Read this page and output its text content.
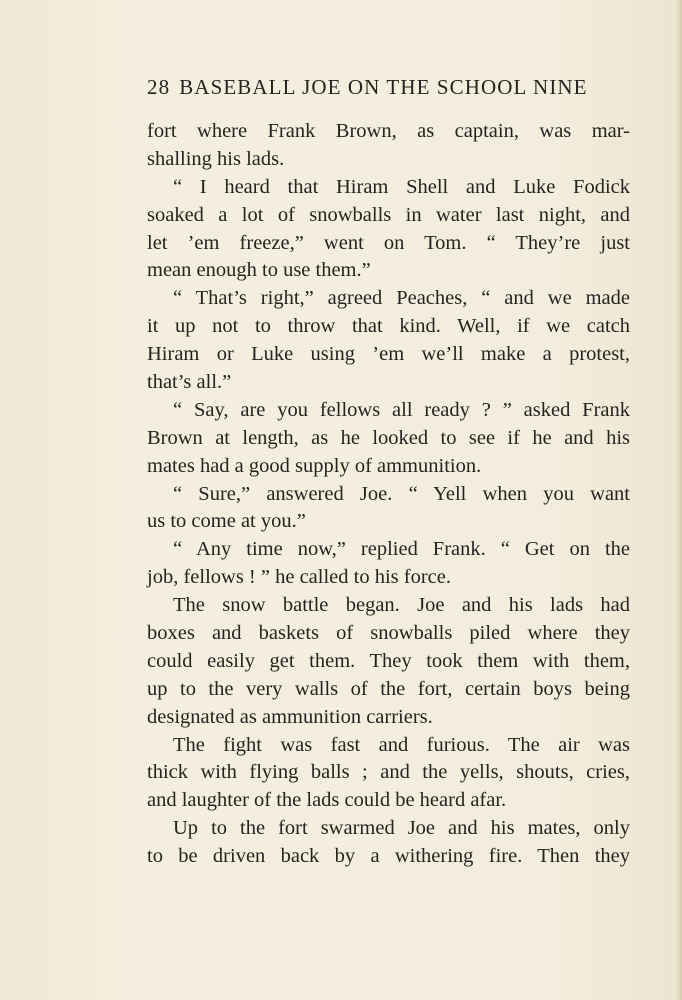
28 BASEBALL JOE ON THE SCHOOL NINE
fort where Frank Brown, as captain, was mar-
shalling his lads.
“ I heard that Hiram Shell and Luke Fodick
soaked a lot of snowballs in water last night, and
let ’em freeze,” went on Tom. “ They’re just
mean enough to use them.”
“ That’s right,” agreed Peaches, “ and we made
it up not to throw that kind. Well, if we catch
Hiram or Luke using ’em we’ll make a protest,
that’s all.”
“ Say, are you fellows all ready ? ” asked Frank
Brown at length, as he looked to see if he and his
mates had a good supply of ammunition.
“ Sure,” answered Joe. “ Yell when you want
us to come at you.”
“ Any time now,” replied Frank. “ Get on the
job, fellows ! ” he called to his force.
The snow battle began. Joe and his lads had
boxes and baskets of snowballs piled where they
could easily get them. They took them with them,
up to the very walls of the fort, certain boys being
designated as ammunition carriers.
The fight was fast and furious. The air was
thick with flying balls ; and the yells, shouts, cries,
and laughter of the lads could be heard afar.
Up to the fort swarmed Joe and his mates, only
to be driven back by a withering fire. Then they
